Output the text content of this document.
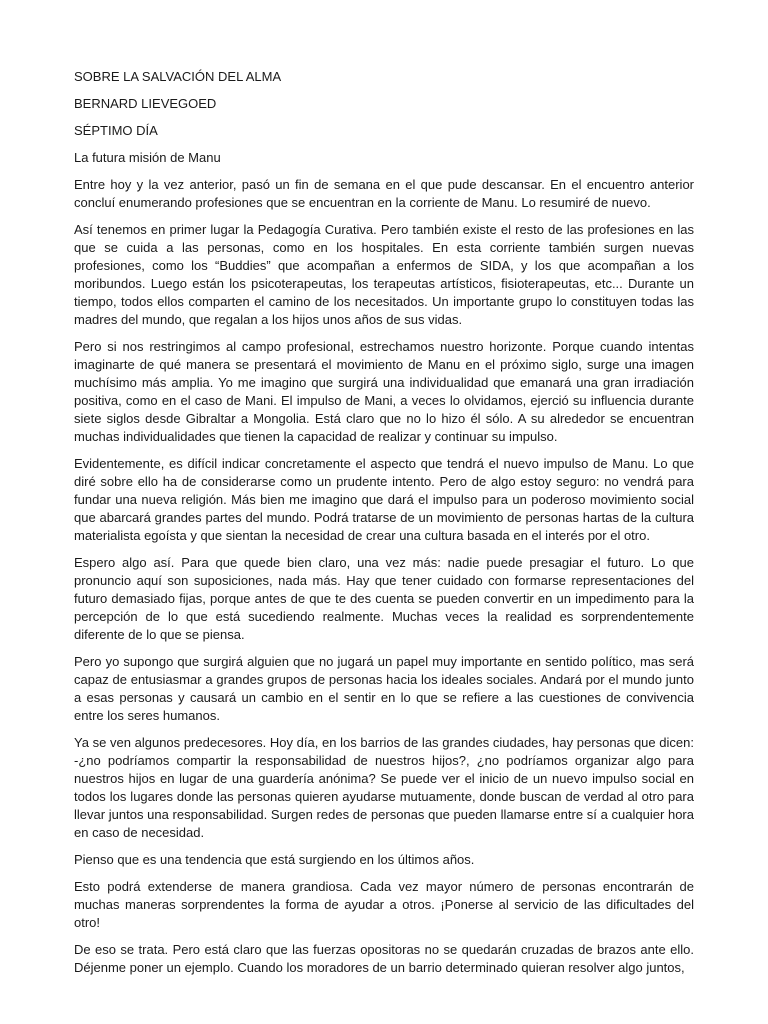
SOBRE LA SALVACIÓN DEL ALMA

BERNARD LIEVEGOED

SÉPTIMO DÍA

La futura misión de Manu

Entre hoy y la vez anterior, pasó un fin de semana en el que pude descansar. En el encuentro anterior concluí enumerando profesiones que se encuentran en la corriente de Manu. Lo resumiré de nuevo.

Así tenemos en primer lugar la Pedagogía Curativa. Pero también existe el resto de las profesiones en las que se cuida a las personas, como en los hospitales. En esta corriente también surgen nuevas profesiones, como los “Buddies” que acompañan a enfermos de SIDA, y los que acompañan a los moribundos. Luego están los psicoterapeutas, los terapeutas artísticos, fisioterapeutas, etc... Durante un tiempo, todos ellos comparten el camino de los necesitados. Un importante grupo lo constituyen todas las madres del mundo, que regalan a los hijos unos años de sus vidas.

Pero si nos restringimos al campo profesional, estrechamos nuestro horizonte. Porque cuando intentas imaginarte de qué manera se presentará el movimiento de Manu en el próximo siglo, surge una imagen muchísimo más amplia. Yo me imagino que surgirá una individualidad que emanará una gran irradiación positiva, como en el caso de Mani. El impulso de Mani, a veces lo olvidamos, ejerció su influencia durante siete siglos desde Gibraltar a Mongolia. Está claro que no lo hizo él sólo. A su alrededor se encuentran muchas individualidades que tienen la capacidad de realizar y continuar su impulso.

Evidentemente, es difícil indicar concretamente el aspecto que tendrá el nuevo impulso de Manu. Lo que diré sobre ello ha de considerarse como un prudente intento. Pero de algo estoy seguro: no vendrá para fundar una nueva religión. Más bien me imagino que dará el impulso para un poderoso movimiento social que abarcará grandes partes del mundo. Podrá tratarse de un movimiento de personas hartas de la cultura materialista egoísta y que sientan la necesidad de crear una cultura basada en el interés por el otro.

Espero algo así. Para que quede bien claro, una vez más: nadie puede presagiar el futuro. Lo que pronuncio aquí son suposiciones, nada más. Hay que tener cuidado con formarse representaciones del futuro demasiado fijas, porque antes de que te des cuenta se pueden convertir en un impedimento para la percepción de lo que está sucediendo realmente. Muchas veces la realidad es sorprendentemente diferente de lo que se piensa.

Pero yo supongo que surgirá alguien que no jugará un papel muy importante en sentido político, mas será capaz de entusiasmar a grandes grupos de personas hacia los ideales sociales. Andará por el mundo junto a esas personas y causará un cambio en el sentir en lo que se refiere a las cuestiones de convivencia entre los seres humanos.

Ya se ven algunos predecesores. Hoy día, en los barrios de las grandes ciudades, hay personas que dicen: -¿no podríamos compartir la responsabilidad de nuestros hijos?, ¿no podríamos organizar algo para nuestros hijos en lugar de una guardería anónima? Se puede ver el inicio de un nuevo impulso social en todos los lugares donde las personas quieren ayudarse mutuamente, donde buscan de verdad al otro para llevar juntos una responsabilidad. Surgen redes de personas que pueden llamarse entre sí a cualquier hora en caso de necesidad.

Pienso que es una tendencia que está surgiendo en los últimos años.

Esto podrá extenderse de manera grandiosa. Cada vez mayor número de personas encontrarán de muchas maneras sorprendentes la forma de ayudar a otros. ¡Ponerse al servicio de las dificultades del otro!

De eso se trata. Pero está claro que las fuerzas opositoras no se quedarán cruzadas de brazos ante ello. Déjenme poner un ejemplo. Cuando los moradores de un barrio determinado quieran resolver algo juntos,
